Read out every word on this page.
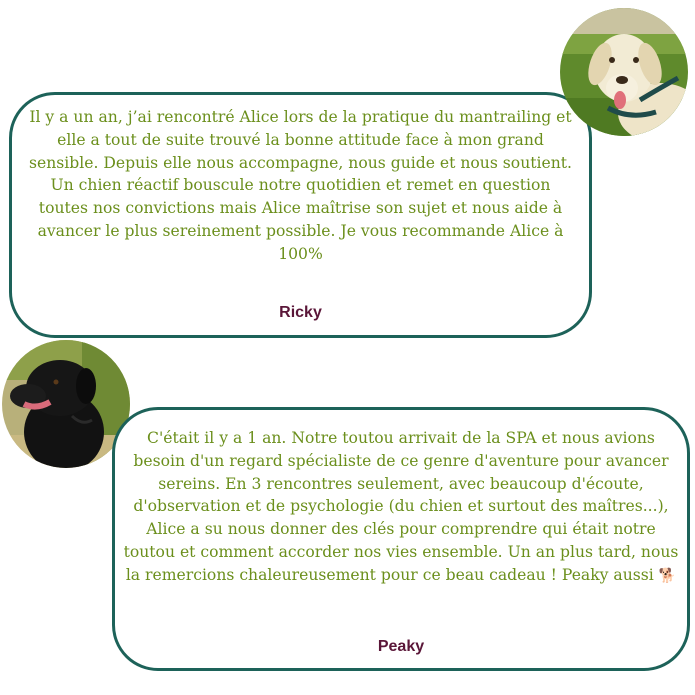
Il y a un an, j’ai rencontré Alice lors de la pratique du mantrailing et elle a tout de suite trouvé la bonne attitude face à mon grand sensible. Depuis elle nous accompagne, nous guide et nous soutient. Un chien réactif bouscule notre quotidien et remet en question toutes nos convictions mais Alice maîtrise son sujet et nous aide à avancer le plus sereinement possible. Je vous recommande Alice à 100%

Ricky

C'était il y a 1 an. Notre toutou arrivait de la SPA et nous avions besoin d'un regard spécialiste de ce genre d'aventure pour avancer sereins. En 3 rencontres seulement, avec beaucoup d'écoute, d'observation et de psychologie (du chien et surtout des maîtres...), Alice a su nous donner des clés pour comprendre qui était notre toutou et comment accorder nos vies ensemble. Un an plus tard, nous la remercions chaleureusement pour ce beau cadeau ! Peaky aussi 🐕

Peaky
